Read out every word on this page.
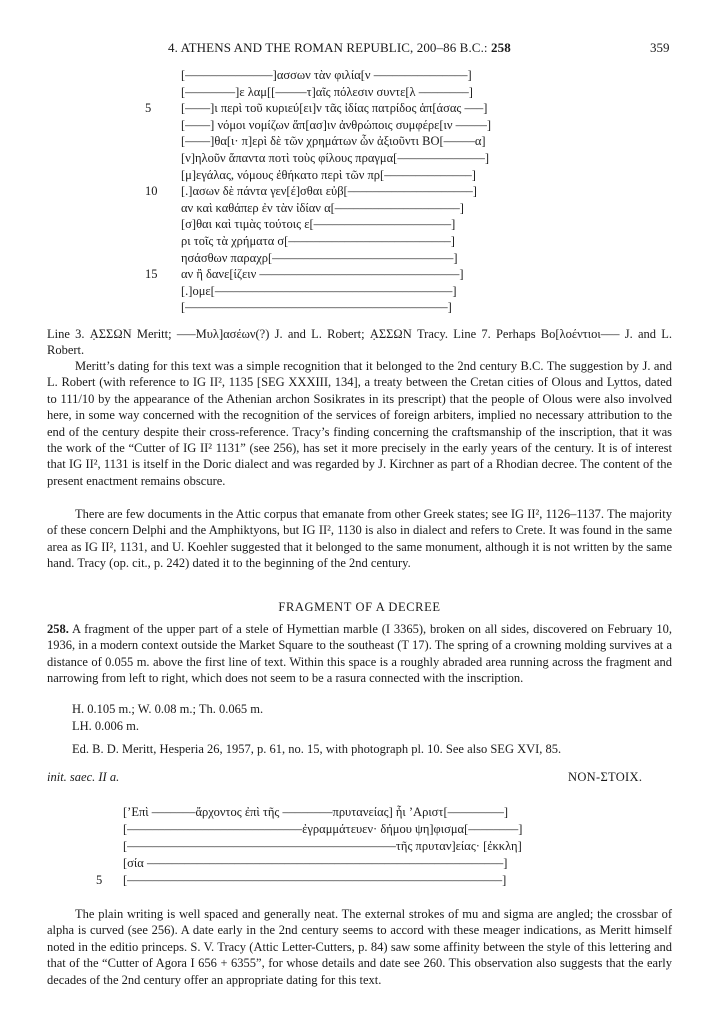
4. ATHENS AND THE ROMAN REPUBLIC, 200–86 B.C.: 258	359
[––––––––––––––]ασσων τὰν φιλία[ν –––––––––––––––]
[––––––––]ε λαμ[[–––––τ]αῖς πόλεσιν συντε[λ ––––––––]
5	[––––]ι περὶ τοῦ κυριεύ[ει]ν τᾶς ἰδίας πατρίδος ἁπ[άσας –––]
[––––] νόμοι νομίζων ἅπ[ασ]ιν ἀνθρώποις συμφέρε[ιν –––––]
[––––]θα[ι· π]ερὶ δὲ τῶν χρημάτων ὧν ἀξιοῦντι ΒΟ[–––––α]
[ν]ηλοῦν ἅπαντα ποτὶ τοὺς φίλους πραγμα[––––––––––––––]
[μ]εγάλας, νόμους ἐθήκατο περὶ τῶν πρ[––––––––––––––]
10	[.]ασων δὲ πάντα γεν[έ]σθαι εὐβ[––––––––––––––––––––]
αν καὶ καθάπερ ἐν τὰν ἰδίαν α[––––––––––––––––––––]
[σ]θαι καὶ τιμὰς τούτοις ε[––––––––––––––––––––––]
ρι τοῖς τὰ χρήματα σ[––––––––––––––––––––––––––]
ησάσθων παραχρ[–––––––––––––––––––––––––––––]
15	αν ἢ δανε[ίζειν ––––––––––––––––––––––––––––––––]
[.]ομε[––––––––––––––––––––––––––––––––––––––]
[––––––––––––––––––––––––––––––––––––––––––]
Line 3. ẠΣΣΩΝ Meritt; –––Μυλ]ασέων(?) J. and L. Robert; ẠΣΣΩΝ Tracy. Line 7. Perhaps Βο[λοέντιοι––– J. and L. Robert.
Meritt’s dating for this text was a simple recognition that it belonged to the 2nd century B.C. The suggestion by J. and L. Robert (with reference to IG II², 1135 [SEG XXXIII, 134], a treaty between the Cretan cities of Olous and Lyttos, dated to 111/10 by the appearance of the Athenian archon Sosikrates in its prescript) that the people of Olous were also involved here, in some way concerned with the recognition of the services of foreign arbiters, implied no necessary attribution to the end of the century despite their cross-reference. Tracy’s finding concerning the craftsmanship of the inscription, that it was the work of the “Cutter of IG II² 1131” (see 256), has set it more precisely in the early years of the century. It is of interest that IG II², 1131 is itself in the Doric dialect and was regarded by J. Kirchner as part of a Rhodian decree. The content of the present enactment remains obscure.
There are few documents in the Attic corpus that emanate from other Greek states; see IG II², 1126–1137. The majority of these concern Delphi and the Amphiktyons, but IG II², 1130 is also in dialect and refers to Crete. It was found in the same area as IG II², 1131, and U. Koehler suggested that it belonged to the same monument, although it is not written by the same hand. Tracy (op. cit., p. 242) dated it to the beginning of the 2nd century.
FRAGMENT OF A DECREE
258. A fragment of the upper part of a stele of Hymettian marble (I 3365), broken on all sides, discovered on February 10, 1936, in a modern context outside the Market Square to the southeast (T 17). The spring of a crowning molding survives at a distance of 0.055 m. above the first line of text. Within this space is a roughly abraded area running across the fragment and narrowing from left to right, which does not seem to be a rasura connected with the inscription.
H. 0.105 m.; W. 0.08 m.; Th. 0.065 m.
LH. 0.006 m.
Ed. B. D. Meritt, Hesperia 26, 1957, p. 61, no. 15, with photograph pl. 10. See also SEG XVI, 85.
init. saec. II a.	NON-ΣΤΟΙΧ.
[’Επὶ –––––––ἄρχοντος ἐπὶ τῆς ––––––––πρυτανείας] ἧι ’Αριστ[–––––––––]
[––––––––––––––––––––––––––––ἐγραμμάτευεν· δήμου ψη]φισμα[––––––––]
[–––––––––––––––––––––––––––––––––––––––––––τῆς πρυταν]είας· [ἐκκλη]
[σία –––––––––––––––––––––––––––––––––––––––––––––––––––––––––]
5 [––––––––––––––––––––––––––––––––––––––––––––––––––––––––––––]
The plain writing is well spaced and generally neat. The external strokes of mu and sigma are angled; the crossbar of alpha is curved (see 256). A date early in the 2nd century seems to accord with these meager indications, as Meritt himself noted in the editio princeps. S. V. Tracy (Attic Letter-Cutters, p. 84) saw some affinity between the style of this lettering and that of the “Cutter of Agora I 656 + 6355”, for whose details and date see 260. This observation also suggests that the early decades of the 2nd century offer an appropriate dating for this text.
